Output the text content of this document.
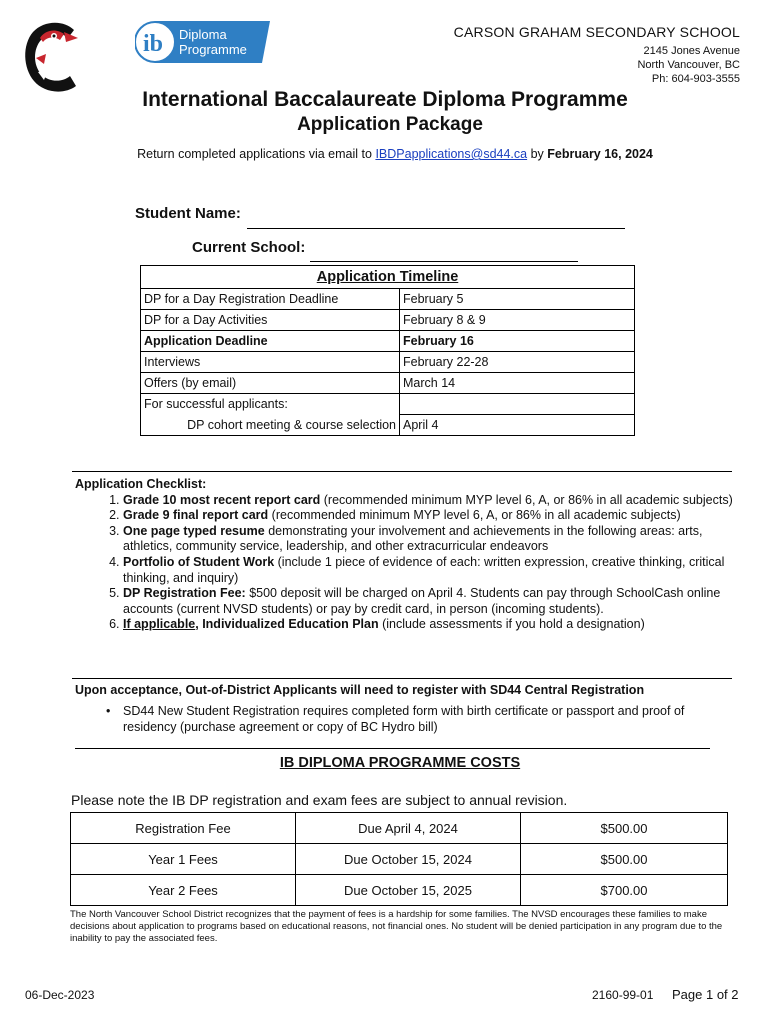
ib Diploma
Programme
CARSON GRAHAM SECONDARY SCHOOL
2145 Jones Avenue
North Vancouver, BC
Ph: 604-903-3555
International Baccalaureate Diploma Programme
Application Package
Return completed applications via email to IBDPapplications@sd44.ca by February 16, 2024
Student Name:
Current School:
Application Timeline	
DP for a Day Registration Deadline	February 5
DP for a Day Activities	February 8 & 9
Application Deadline	February 16
Interviews	February 22-28
Offers (by email)	March 14
For successful applicants:	
DP cohort meeting & course selection	April 4
Application Checklist:
1. Grade 10 most recent report card (recommended minimum MYP level 6, A, or 86% in all academic subjects)
2. Grade 9 final report card (recommended minimum MYP level 6, A, or 86% in all academic subjects)
3. One page typed resume demonstrating your involvement and achievements in the following areas: arts, athletics, community service, leadership, and other extracurricular endeavors
4. Portfolio of Student Work (include 1 piece of evidence of each: written expression, creative thinking, critical thinking, and inquiry)
5. DP Registration Fee: $500 deposit will be charged on April 4. Students can pay through SchoolCash online accounts (current NVSD students) or pay by credit card, in person (incoming students).
6. If applicable, Individualized Education Plan (include assessments if you hold a designation)
Upon acceptance, Out-of-District Applicants will need to register with SD44 Central Registration
•	SD44 New Student Registration requires completed form with birth certificate or passport and proof of residency (purchase agreement or copy of BC Hydro bill)
IB DIPLOMA PROGRAMME COSTS
Please note the IB DP registration and exam fees are subject to annual revision.
Registration Fee	Due April 4, 2024	$500.00
Year 1 Fees	Due October 15, 2024	$500.00
Year 2 Fees	Due October 15, 2025	$700.00
The North Vancouver School District recognizes that the payment of fees is a hardship for some families. The NVSD encourages these families to make decisions about application to programs based on educational reasons, not financial ones. No student will be denied participation in any program due to the inability to pay the associated fees.
06-Dec-2023	2160-99-01 Page 1 of 2
